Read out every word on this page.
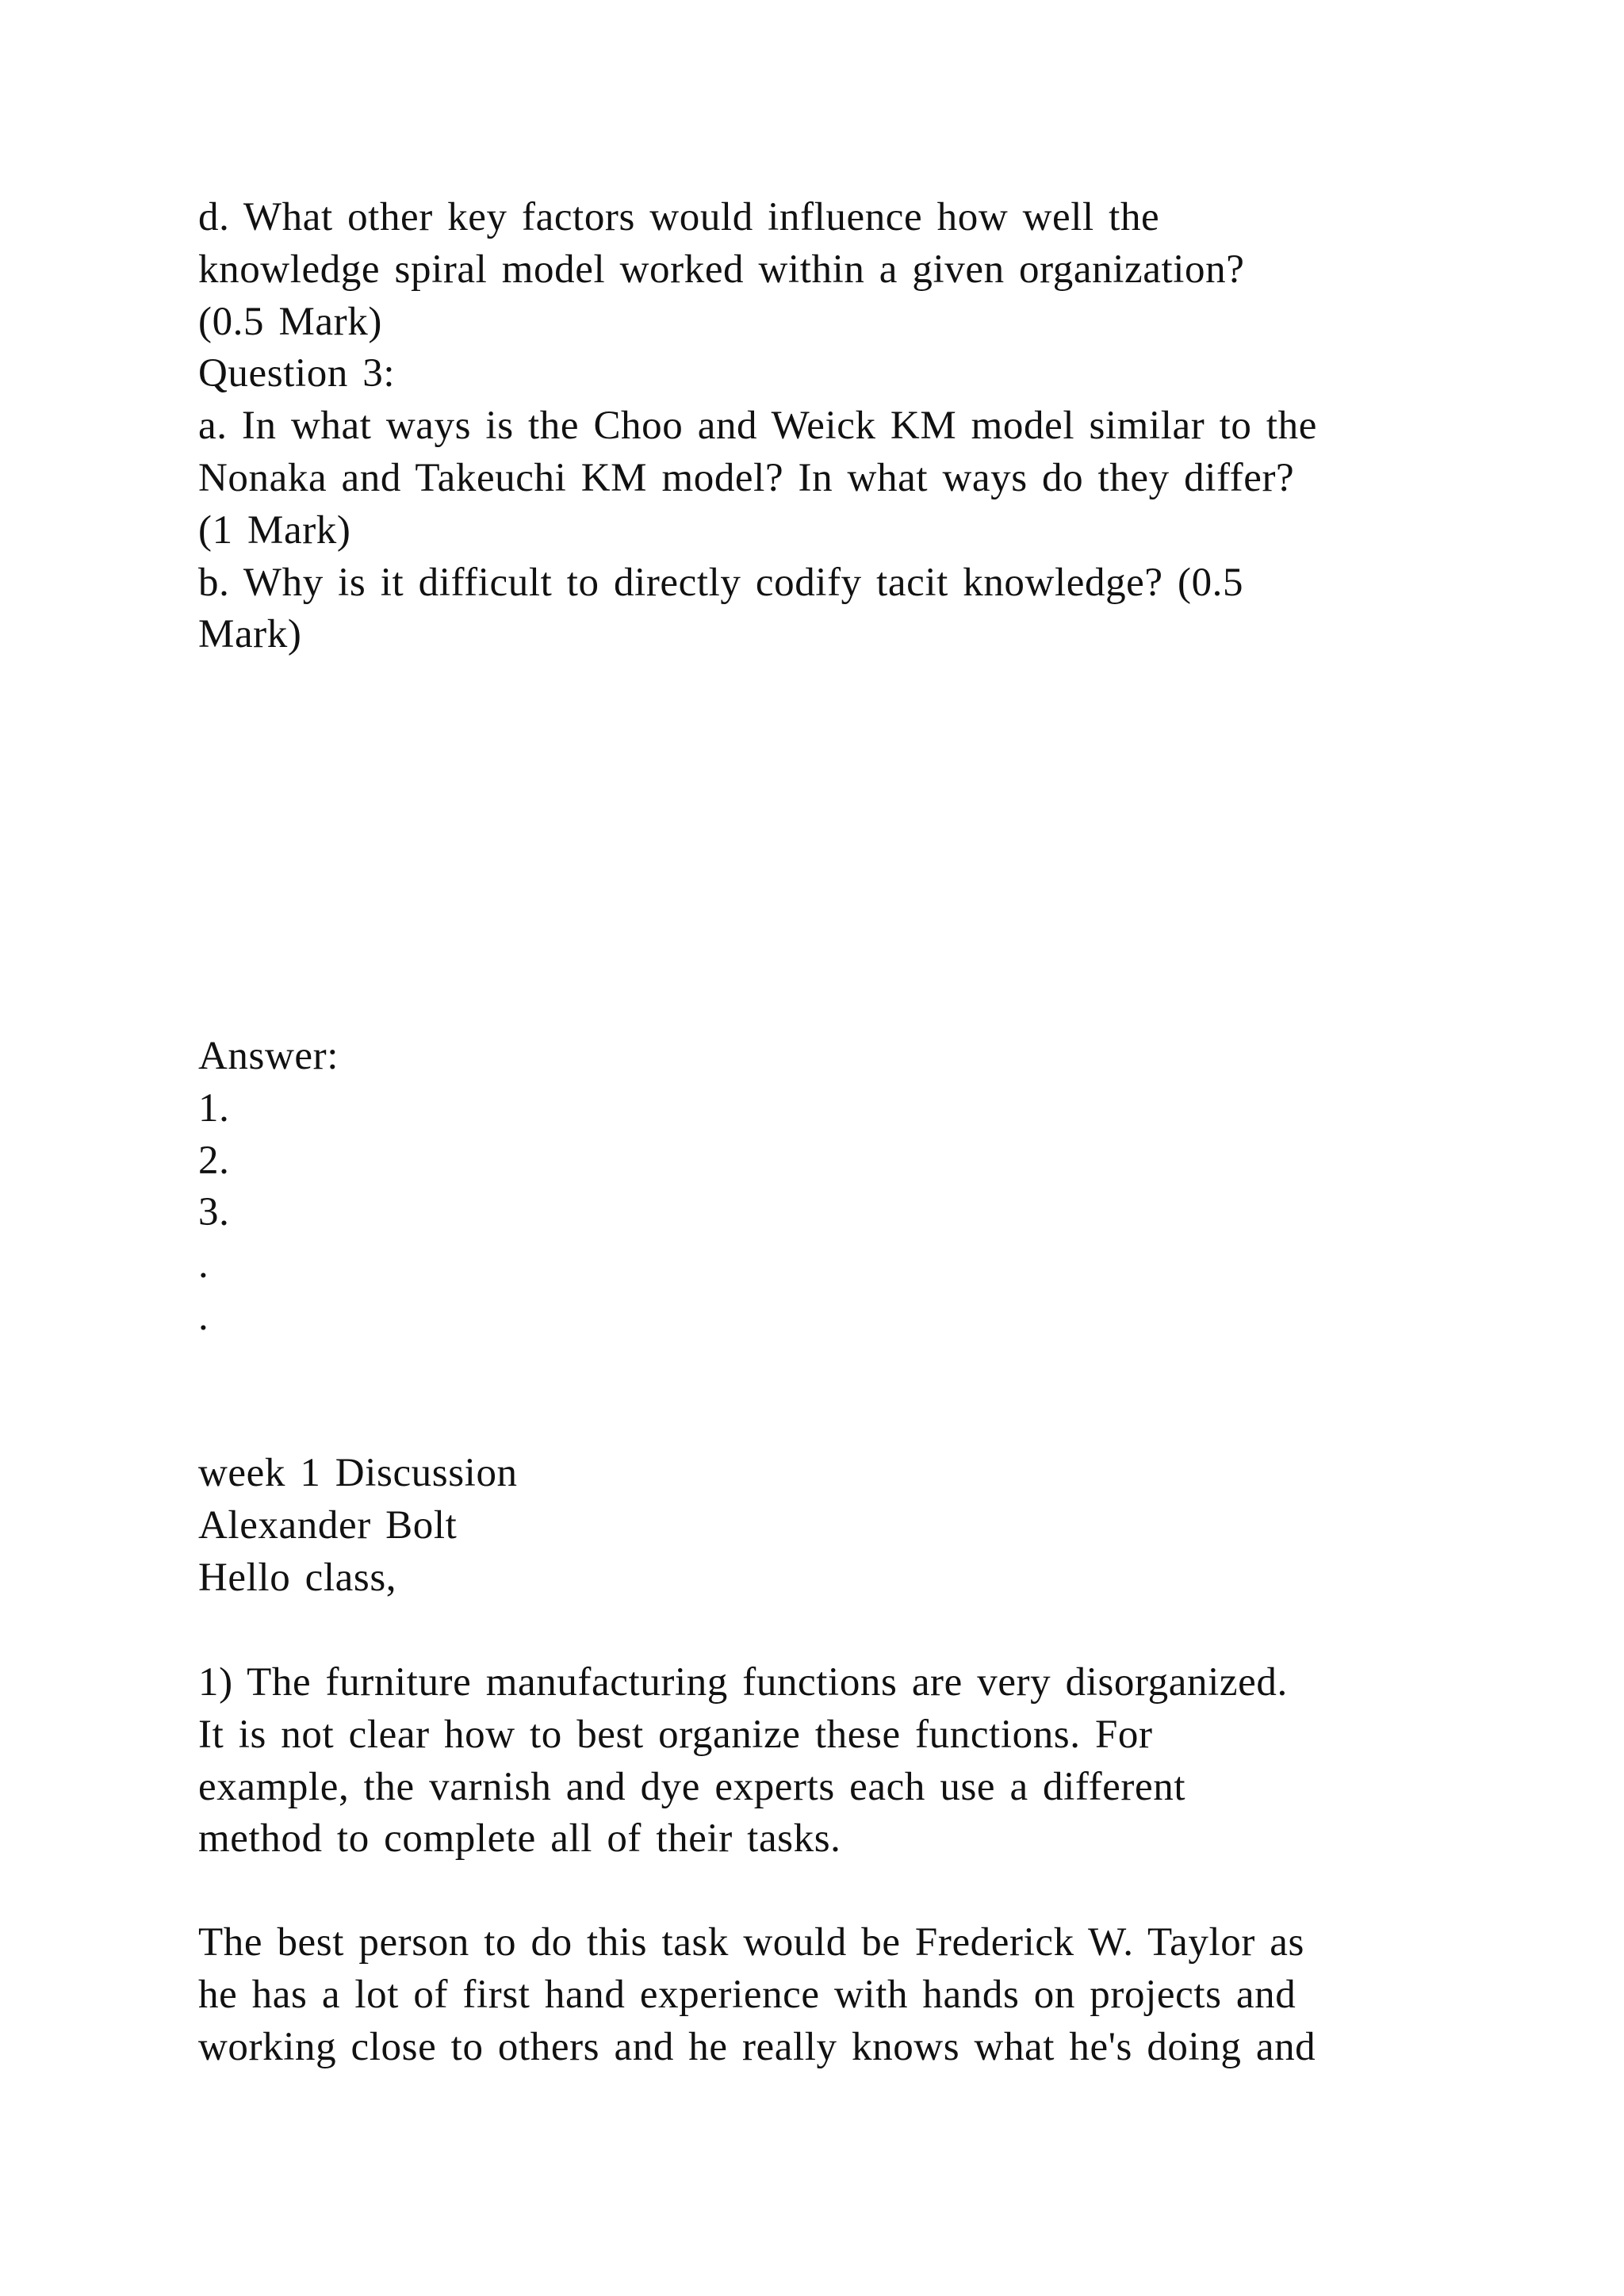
d. What other key factors would influence how well the
knowledge spiral model worked within a given organization?
(0.5 Mark)
Question 3:
a. In what ways is the Choo and Weick KM model similar to the
Nonaka and Takeuchi KM model? In what ways do they differ?
(1 Mark)
b. Why is it difficult to directly codify tacit knowledge? (0.5
Mark)
Answer:
1.
2.
3.
.
.
week 1 Discussion
Alexander Bolt
Hello class,
1) The furniture manufacturing functions are very disorganized.
It is not clear how to best organize these functions. For
example, the varnish and dye experts each use a different
method to complete all of their tasks.
The best person to do this task would be Frederick W. Taylor as
he has a lot of first hand experience with hands on projects and
working close to others and he really knows what he's doing and
